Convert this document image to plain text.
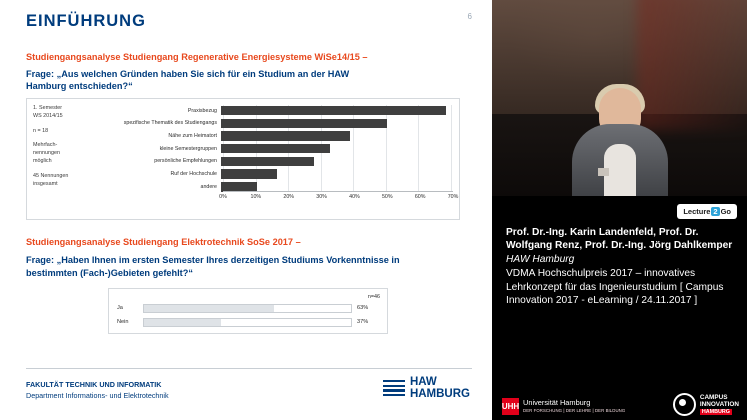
EINFÜHRUNG	6
Studiengangsanalyse Studiengang Regenerative Energiesysteme WiSe14/15 –
Frage: „Aus welchen Gründen haben Sie sich für ein Studium an der HAW Hamburg entschieden?“
1. Semester
WS 2014/15
n = 18
Mehrfach-
nennungen
möglich
45 Nennungen
insgesamt
Praxisbezug
spezifische Thematik des Studiengangs
Nähe zum Heimatort
kleine Semestergruppen
persönliche Empfehlungen
Ruf der Hochschule
andere
0%	10%	20%	30%	40%	50%	60%	70%
Studiengangsanalyse Studiengang Elektrotechnik SoSe 2017 –
Frage: „Haben Ihnen im ersten Semester Ihres derzeitigen Studiums Vorkenntnisse in bestimmten (Fach-)Gebieten gefehlt?“
n=46
Ja	63%
Nein	37%
FAKULTÄT TECHNIK UND INFORMATIK
Department Informations- und Elektrotechnik
HAW
HAMBURG
Lecture 2 Go
Prof. Dr.-Ing. Karin Landenfeld, Prof. Dr. Wolfgang Renz, Prof. Dr.-Ing. Jörg Dahlkemper
HAW Hamburg
VDMA Hochschulpreis 2017 – innovatives Lehrkonzept für das Ingenieurstudium [ Campus Innovation 2017 - eLearning / 24.11.2017 ]
UHH Universität Hamburg
DER FORSCHUNG | DER LEHRE | DER BILDUNG
CAMPUS
INNOVATION
HAMBURG
